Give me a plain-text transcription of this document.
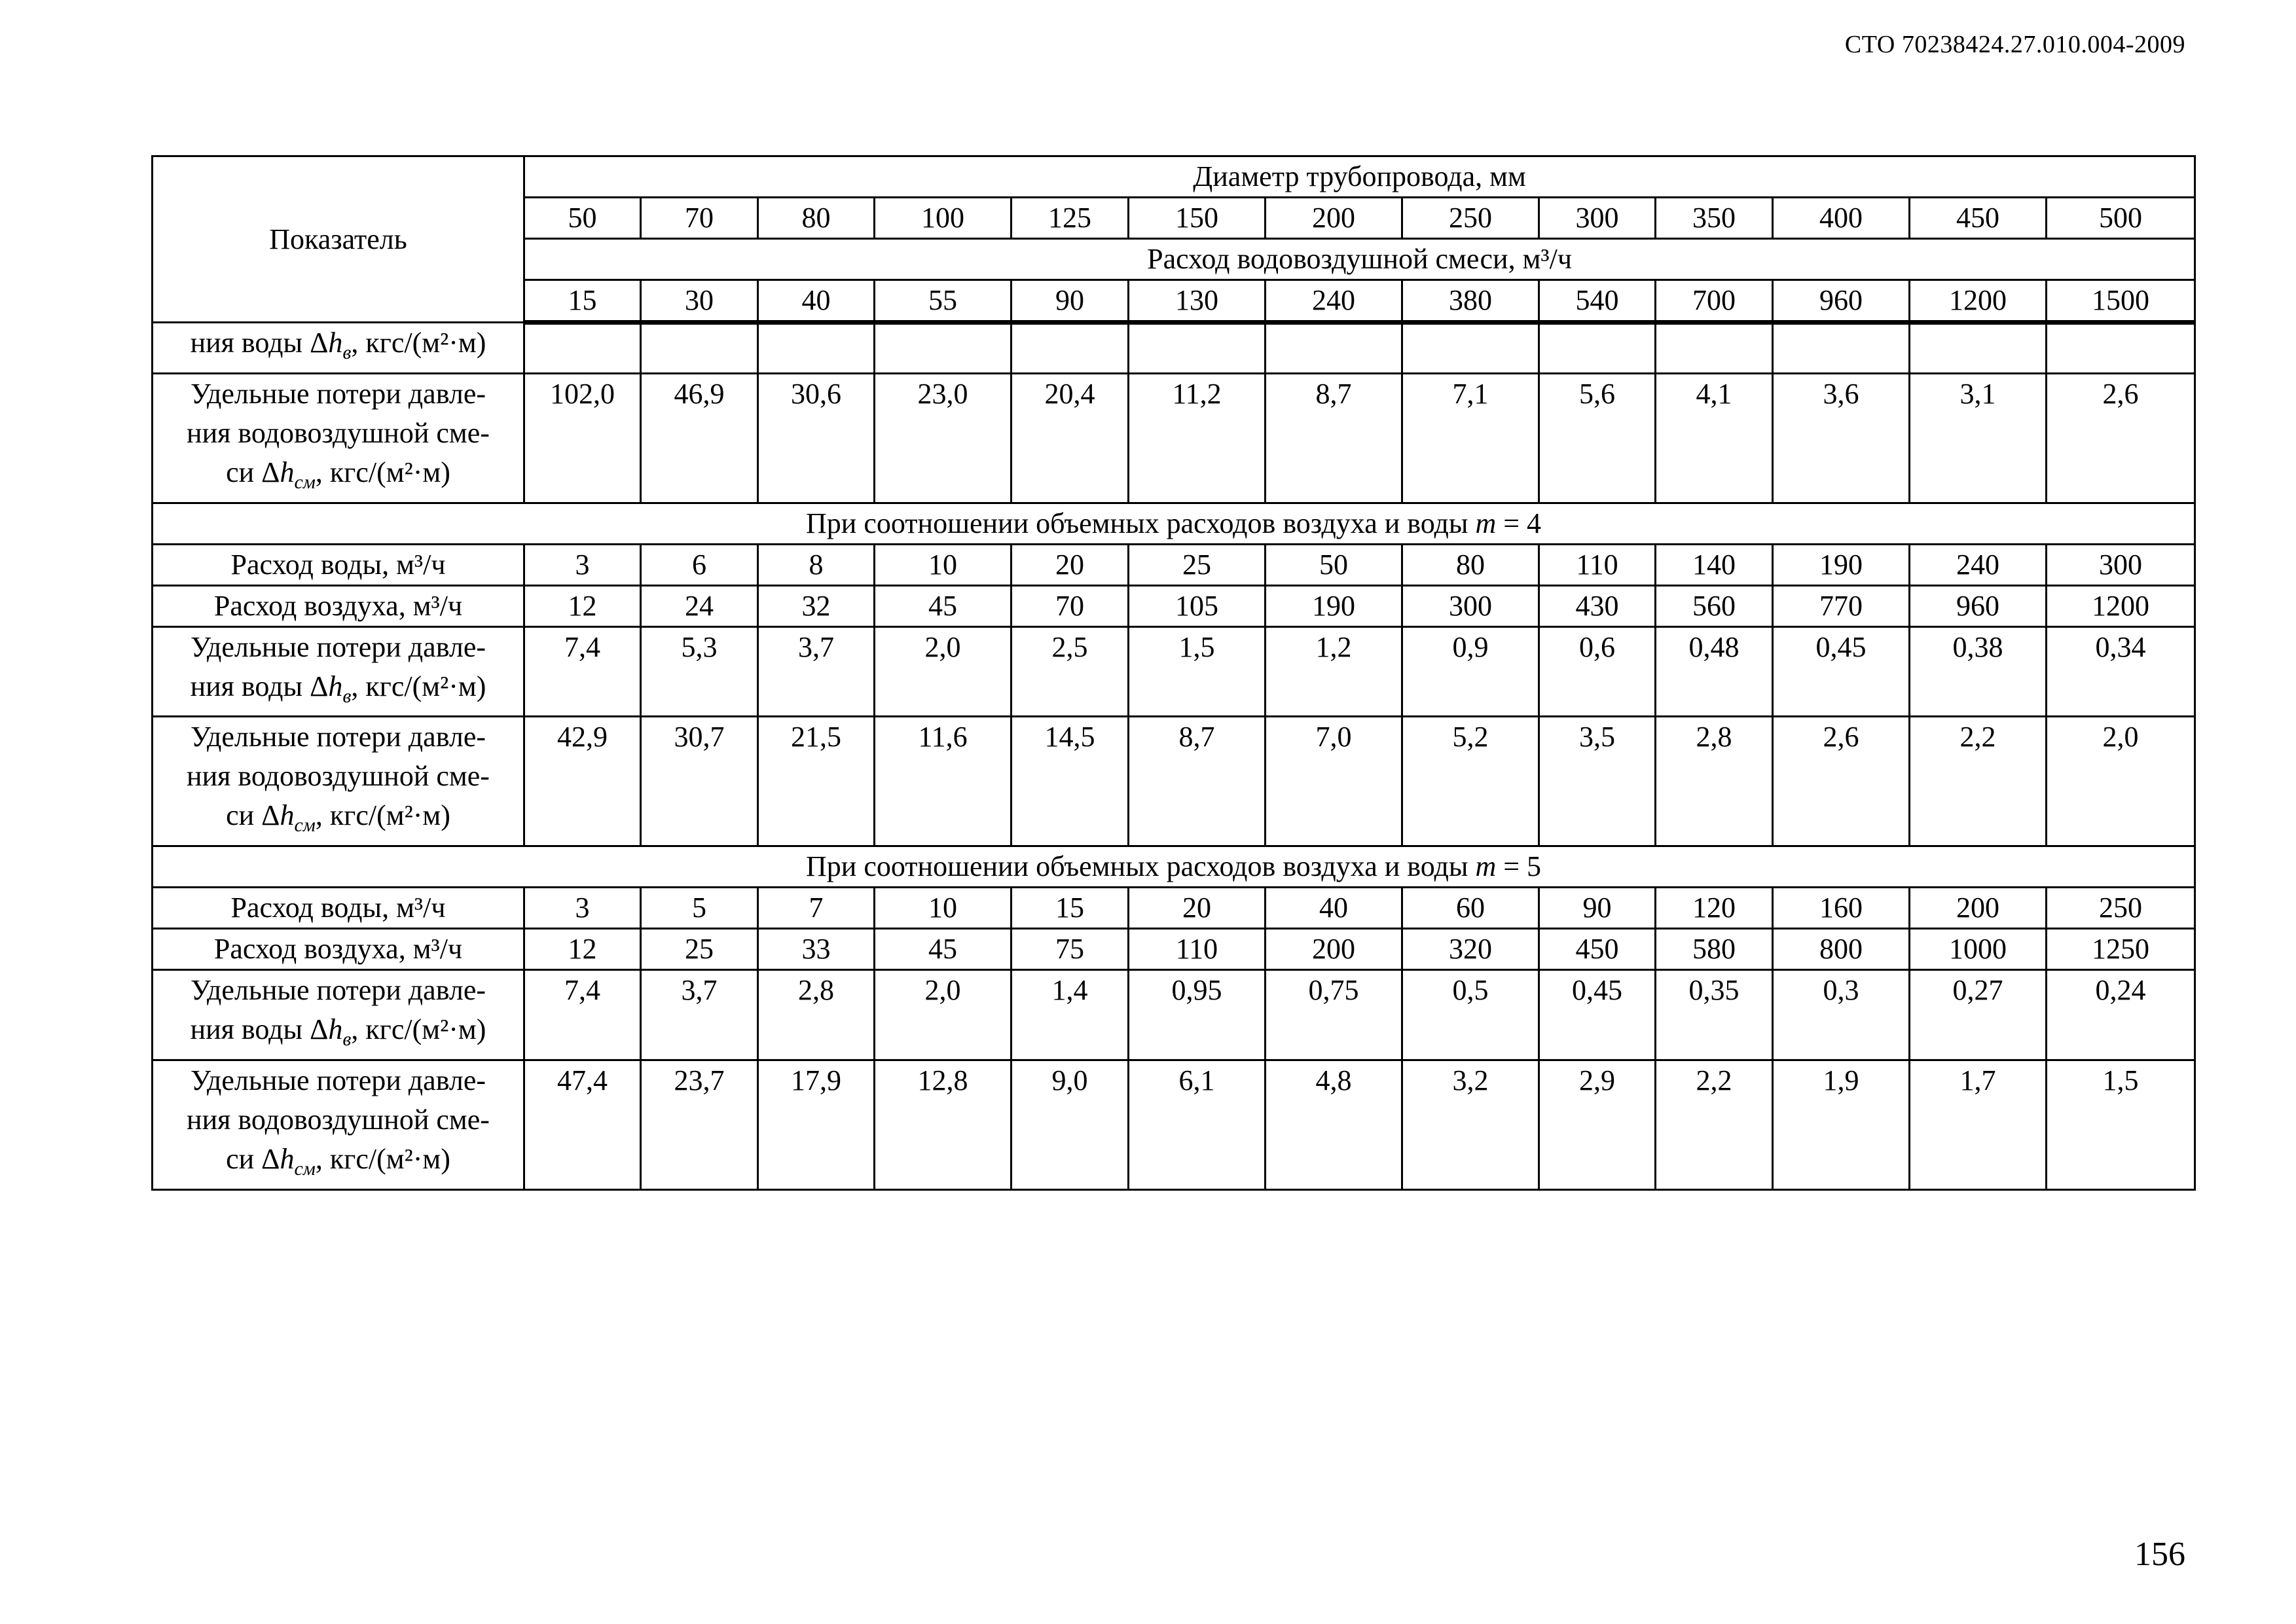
СТО 70238424.27.010.004-2009
Показатель	Диаметр трубопровода, мм												
	50	70	80	100	125	150	200	250	300	350	400	450	500
	Расход водовоздушной смеси, м³/ч												
	15	30	40	55	90	130	240	380	540	700	960	1200	1500

ния воды $\Delta h_в$, кгс/(м²·м)													

Удельные потери давле-
ния водовоздушной сме-
си $\Delta h_{см}$, кгс/(м²·м)	102,0	46,9	30,6	23,0	20,4	11,2	8,7	7,1	5,6	4,1	3,6	3,1	2,6
При соотношении объемных расходов воздуха и воды m = 4													

Расход воды, м³/ч	3	6	8	10	20	25	50	80	110	140	190	240	300

Расход воздуха, м³/ч	12	24	32	45	70	105	190	300	430	560	770	960	1200

Удельные потери давле-
ния воды $\Delta h_в$, кгс/(м²·м)	7,4	5,3	3,7	2,0	2,5	1,5	1,2	0,9	0,6	0,48	0,45	0,38	0,34

Удельные потери давле-
ния водовоздушной сме-
си $\Delta h_{см}$, кгс/(м²·м)	42,9	30,7	21,5	11,6	14,5	8,7	7,0	5,2	3,5	2,8	2,6	2,2	2,0
При соотношении объемных расходов воздуха и воды m = 5													

Расход воды, м³/ч	3	5	7	10	15	20	40	60	90	120	160	200	250

Расход воздуха, м³/ч	12	25	33	45	75	110	200	320	450	580	800	1000	1250

Удельные потери давле-
ния воды $\Delta h_в$, кгс/(м²·м)	7,4	3,7	2,8	2,0	1,4	0,95	0,75	0,5	0,45	0,35	0,3	0,27	0,24

Удельные потери давле-
ния водовоздушной сме-
си $\Delta h_{см}$, кгс/(м²·м)	47,4	23,7	17,9	12,8	9,0	6,1	4,8	3,2	2,9	2,2	1,9	1,7	1,5
156
